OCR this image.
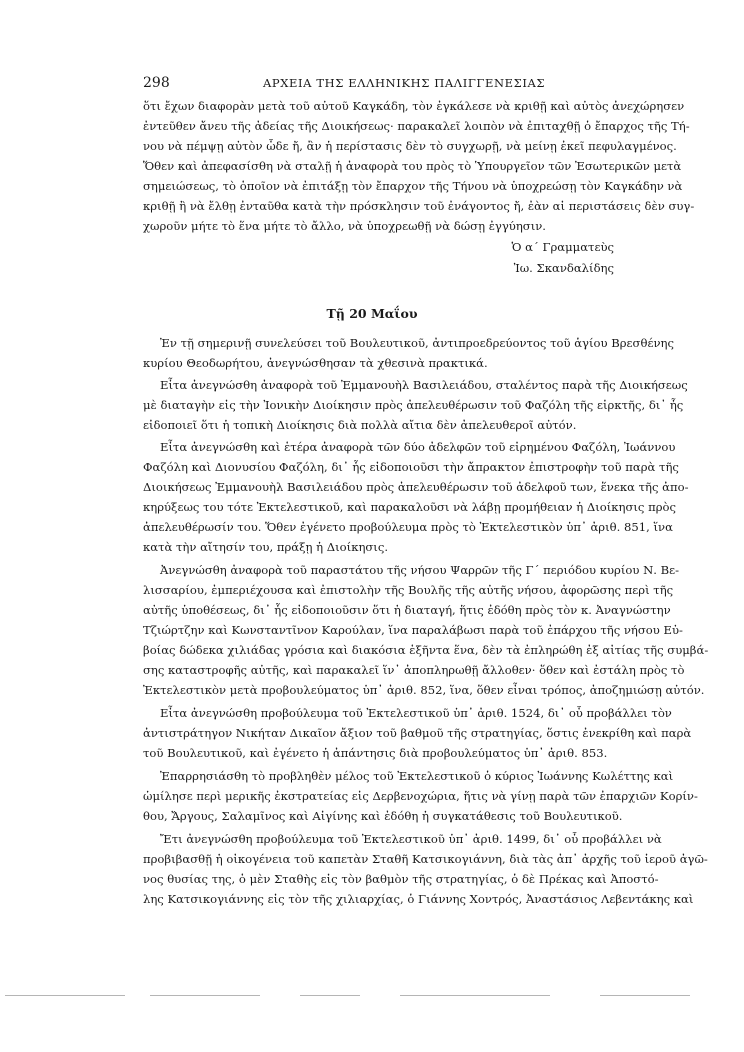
298	ΑΡΧΕΙΑ ΤΗΣ ΕΛΛΗΝΙΚΗΣ ΠΑΛΙΓΓΕΝΕΣΙΑΣ
ὅτι ἔχων διαφορὰν μετὰ τοῦ αὐτοῦ Καγκάδη, τὸν ἐγκάλεσε νὰ κριθῇ καὶ αὐτὸς ἀνεχώρησεν
ἐντεῦθεν ἄνευ τῆς ἀδείας τῆς Διοικήσεως· παρακαλεῖ λοιπὸν νὰ ἐπιταχθῇ ὁ ἔπαρχος τῆς Τή-
νου νὰ πέμψῃ αὐτὸν ὧδε ἤ, ἂν ἡ περίστασις δὲν τὸ συγχωρῇ, νὰ μείνῃ ἐκεῖ πεφυλαγμένος.
Ὅθεν καὶ ἀπεφασίσθη νὰ σταλῇ ἡ ἀναφορὰ του πρὸς τὸ Ὑπουργεῖον τῶν Ἐσωτερικῶν μετὰ
σημειώσεως, τὸ ὁποῖον νὰ ἐπιτάξῃ τὸν ἔπαρχον τῆς Τήνου νὰ ὑποχρεώσῃ τὸν Καγκάδην νὰ
κριθῇ ἢ νὰ ἔλθῃ ἐνταῦθα κατὰ τὴν πρόσκλησιν τοῦ ἐνάγοντος ἤ, ἐὰν αἱ περιστάσεις δὲν συγ-
χωροῦν μήτε τὸ ἕνα μήτε τὸ ἄλλο, νὰ ὑποχρεωθῇ νὰ δώσῃ ἐγγύησιν.
Ὁ α΄ Γραμματεὺς
Ἰω. Σκανδαλίδης
Τῇ 20 Μαΐου
Ἐν τῇ σημερινῇ συνελεύσει τοῦ Βουλευτικοῦ, ἀντιπροεδρεύοντος τοῦ ἁγίου Βρεσθένης
κυρίου Θεοδωρήτου, ἀνεγνώσθησαν τὰ χθεσινὰ πρακτικά.
Εἶτα ἀνεγνώσθη ἀναφορὰ τοῦ Ἐμμανουὴλ Βασιλειάδου, σταλέντος παρὰ τῆς Διοικήσεως
μὲ διαταγὴν εἰς τὴν Ἰονικὴν Διοίκησιν πρὸς ἀπελευθέρωσιν τοῦ Φαζόλη τῆς εἱρκτῆς, δι᾿ ἧς
εἰδοποιεῖ ὅτι ἡ τοπικὴ Διοίκησις διὰ πολλὰ αἴτια δὲν ἀπελευθεροῖ αὐτόν.
Εἶτα ἀνεγνώσθη καὶ ἑτέρα ἀναφορὰ τῶν δύο ἀδελφῶν τοῦ εἰρημένου Φαζόλη, Ἰωάννου
Φαζόλη καὶ Διονυσίου Φαζόλη, δι᾿ ἧς εἰδοποιοῦσι τὴν ἄπρακτον ἐπιστροφὴν τοῦ παρὰ τῆς
Διοικήσεως Ἐμμανουὴλ Βασιλειάδου πρὸς ἀπελευθέρωσιν τοῦ ἀδελφοῦ των, ἕνεκα τῆς ἀπο-
κηρύξεως του τότε Ἐκτελεστικοῦ, καὶ παρακαλοῦσι νὰ λάβῃ προμήθειαν ἡ Διοίκησις πρὸς
ἀπελευθέρωσίν του. Ὅθεν ἐγένετο προβούλευμα πρὸς τὸ Ἐκτελεστικὸν ὑπ᾿ ἀριθ. 851, ἵνα
κατὰ τὴν αἴτησίν του, πράξῃ ἡ Διοίκησις.
Ἀνεγνώσθη ἀναφορὰ τοῦ παραστάτου τῆς νήσου Ψαρρῶν τῆς Γ΄ περιόδου κυρίου Ν. Βε-
λισσαρίου, ἐμπεριέχουσα καὶ ἐπιστολὴν τῆς Βουλῆς τῆς αὐτῆς νήσου, ἀφορῶσης περὶ τῆς
αὐτῆς ὑποθέσεως, δι᾿ ἧς εἰδοποιοῦσιν ὅτι ἡ διαταγή, ἥτις ἐδόθη πρὸς τὸν κ. Ἀναγνώστην
Τζιώρτζην καὶ Κωνσταντῖνον Καρούλαν, ἵνα παραλάβωσι παρὰ τοῦ ἐπάρχου τῆς νήσου Εὐ-
βοίας δώδεκα χιλιάδας γρόσια καὶ διακόσια ἑξῆντα ἕνα, δὲν τὰ ἐπληρώθη ἐξ αἰτίας τῆς συμβά-
σης καταστροφῆς αὐτῆς, καὶ παρακαλεῖ ἵν᾿ ἀποπληρωθῇ ἄλλοθεν· ὅθεν καὶ ἐστάλη πρὸς τὸ
Ἐκτελεστικὸν μετὰ προβουλεύματος ὑπ᾿ ἀριθ. 852, ἵνα, ὅθεν εἶναι τρόπος, ἀποζημιώσῃ αὐτόν.
Εἶτα ἀνεγνώσθη προβούλευμα τοῦ Ἐκτελεστικοῦ ὑπ᾿ ἀριθ. 1524, δι᾿ οὗ προβάλλει τὸν
ἀντιστράτηγον Νικήταν Δικαῖον ἄξιον τοῦ βαθμοῦ τῆς στρατηγίας, ὅστις ἐνεκρίθη καὶ παρὰ
τοῦ Βουλευτικοῦ, καὶ ἐγένετο ἡ ἀπάντησις διὰ προβουλεύματος ὑπ᾿ ἀριθ. 853.
Ἐπαρρησιάσθη τὸ προβληθὲν μέλος τοῦ Ἐκτελεστικοῦ ὁ κύριος Ἰωάννης Κωλέττης καὶ
ὡμίλησε περὶ μερικῆς ἐκστρατείας εἰς Δερβενοχώρια, ἥτις νὰ γίνῃ παρὰ τῶν ἐπαρχιῶν Κορίν-
θου, Ἄργους, Σαλαμῖνος καὶ Αἰγίνης καὶ ἐδόθη ἡ συγκατάθεσις τοῦ Βουλευτικοῦ.
Ἔτι ἀνεγνώσθη προβούλευμα τοῦ Ἐκτελεστικοῦ ὑπ᾿ ἀριθ. 1499, δι᾿ οὗ προβάλλει νὰ
προβιβασθῇ ἡ οἰκογένεια τοῦ καπετὰν Σταθῆ Κατσικογιάννη, διὰ τὰς ἀπ᾿ ἀρχῆς τοῦ ἱεροῦ ἀγῶ-
νος θυσίας της, ὁ μὲν Σταθὴς εἰς τὸν βαθμὸν τῆς στρατηγίας, ὁ δὲ Πρέκας καὶ Ἀποστό-
λης Κατσικογιάννης εἰς τὸν τῆς χιλιαρχίας, ὁ Γιάννης Χοντρός, Ἀναστάσιος Λεβεντάκης καὶ
